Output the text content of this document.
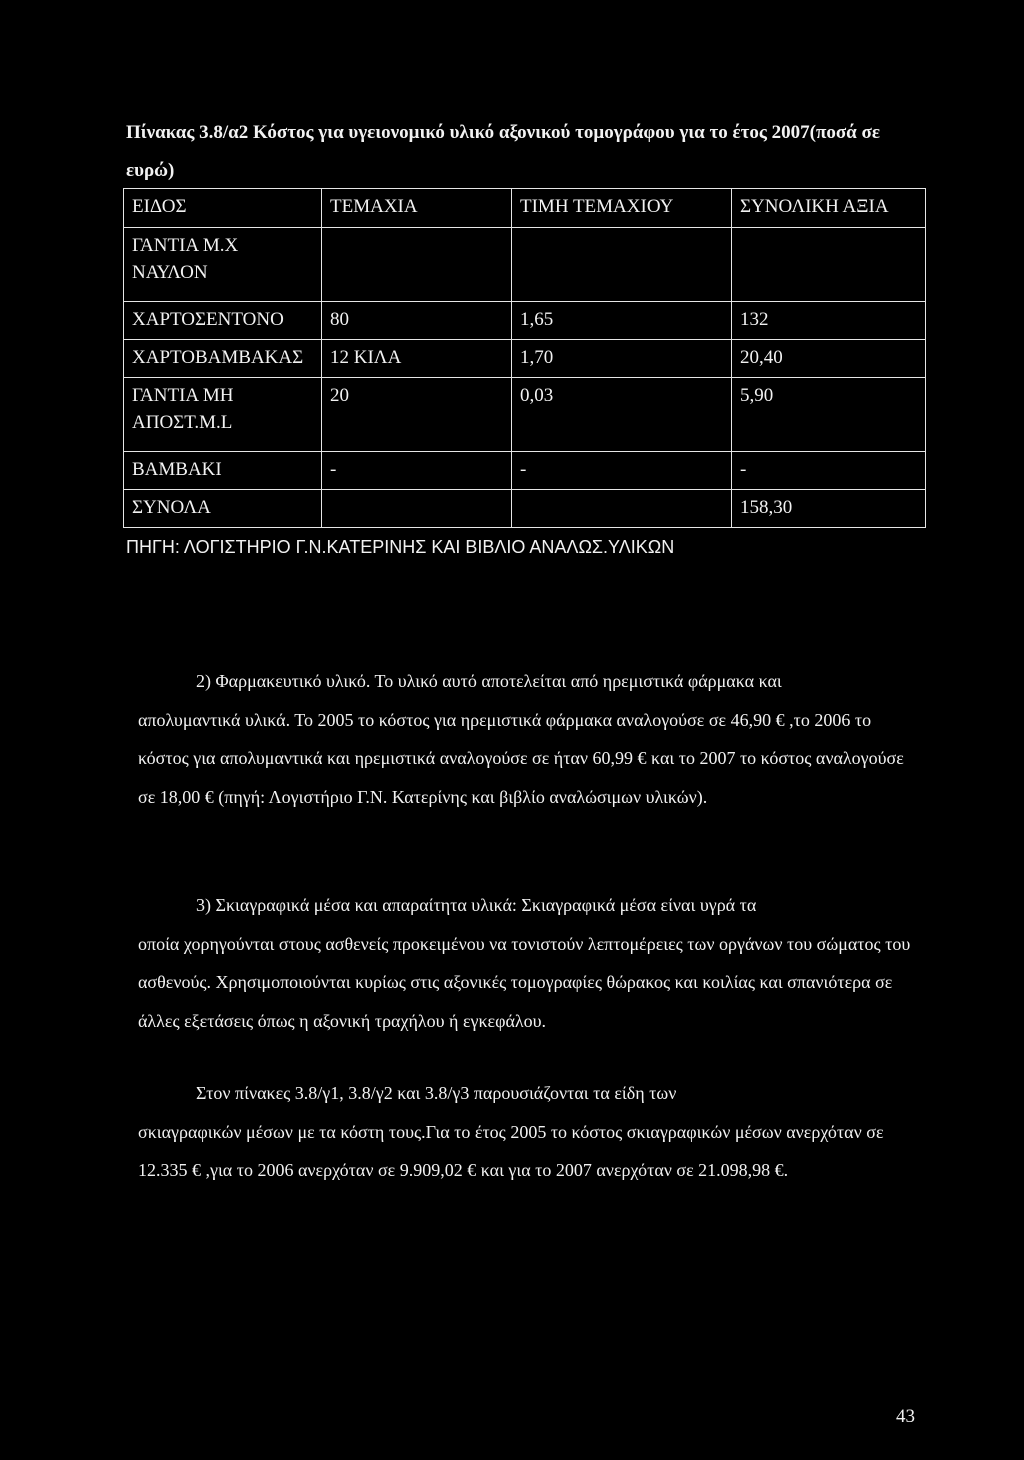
Πίνακας 3.8/α2 Κόστος για υγειονομικό υλικό αξονικού τομογράφου για το έτος 2007(ποσά σε ευρώ)
ΕΙΔΟΣ	ΤΕΜΑΧΙΑ	ΤΙΜΗ ΤΕΜΑΧΙΟΥ	ΣΥΝΟΛΙΚΗ ΑΞΙΑ

ΓΑΝΤΙΑ Μ.Χ
ΝΑΥΛΟΝ			

ΧΑΡΤΟΣΕΝΤΟΝΟ	80	1,65	132

ΧΑΡΤΟΒΑΜΒΑΚΑΣ	12 ΚΙΛΑ	1,70	20,40

ΓΑΝΤΙΑ ΜΗ
ΑΠΟΣΤ.Μ.L	20	0,03	5,90

ΒΑΜΒΑΚΙ	-	-	-

ΣΥΝΟΛΑ			158,30
ΠΗΓΗ: ΛΟΓΙΣΤΗΡΙΟ Γ.Ν.ΚΑΤΕΡΙΝΗΣ ΚΑΙ ΒΙΒΛΙΟ ΑΝΑΛΩΣ.ΥΛΙΚΩΝ

2) Φαρμακευτικό υλικό. Το υλικό αυτό αποτελείται από ηρεμιστικά φάρμακα και

απολυμαντικά υλικά. Το 2005 το κόστος για ηρεμιστικά φάρμακα αναλογούσε σε 46,90 € ,το 2006 το κόστος για απολυμαντικά και ηρεμιστικά αναλογούσε σε ήταν 60,99 € και το 2007 το κόστος αναλογούσε σε 18,00 € (πηγή: Λογιστήριο Γ.Ν. Κατερίνης και βιβλίο αναλώσιμων υλικών).

3) Σκιαγραφικά μέσα και απαραίτητα υλικά: Σκιαγραφικά μέσα είναι υγρά τα

οποία χορηγούνται στους ασθενείς προκειμένου να τονιστούν λεπτομέρειες των οργάνων του σώματος του ασθενούς. Χρησιμοποιούνται κυρίως στις αξονικές τομογραφίες θώρακος και κοιλίας και σπανιότερα σε άλλες εξετάσεις όπως η αξονική τραχήλου ή εγκεφάλου.

Στον πίνακες 3.8/γ1, 3.8/γ2 και 3.8/γ3 παρουσιάζονται τα είδη των

σκιαγραφικών μέσων με τα κόστη τους.Για το έτος 2005 το κόστος σκιαγραφικών μέσων ανερχόταν σε 12.335 € ,για το 2006 ανερχόταν σε 9.909,02 € και για το 2007 ανερχόταν σε 21.098,98 €.

43
